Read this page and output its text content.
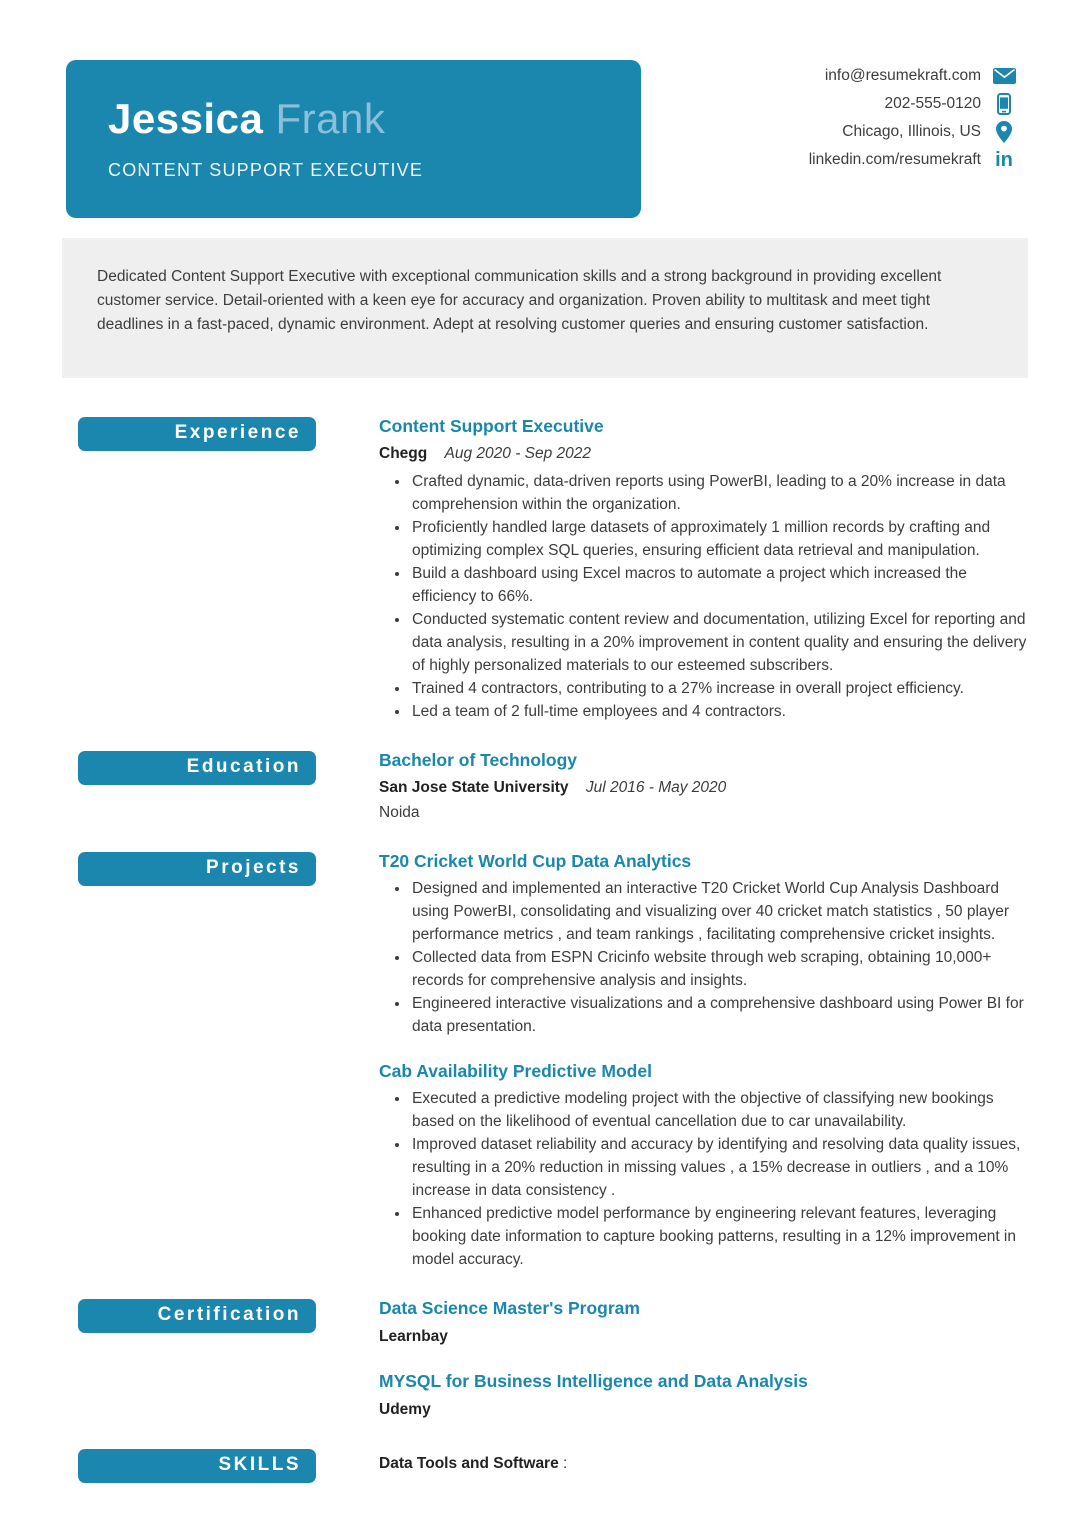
Jessica Frank
CONTENT SUPPORT EXECUTIVE
info@resumekraft.com
202-555-0120
Chicago, Illinois, US
linkedin.com/resumekraft in
Dedicated Content Support Executive with exceptional communication skills and a strong background in providing excellent customer service. Detail-oriented with a keen eye for accuracy and organization. Proven ability to multitask and meet tight deadlines in a fast-paced, dynamic environment. Adept at resolving customer queries and ensuring customer satisfaction.
Experience	Content Support Executive
Chegg Aug 2020 - Sep 2022
• Crafted dynamic, data-driven reports using PowerBI, leading to a 20% increase in data comprehension within the organization.
• Proficiently handled large datasets of approximately 1 million records by crafting and optimizing complex SQL queries, ensuring efficient data retrieval and manipulation.
• Build a dashboard using Excel macros to automate a project which increased the efficiency to 66%.
• Conducted systematic content review and documentation, utilizing Excel for reporting and data analysis, resulting in a 20% improvement in content quality and ensuring the delivery of highly personalized materials to our esteemed subscribers.
• Trained 4 contractors, contributing to a 27% increase in overall project efficiency.
• Led a team of 2 full-time employees and 4 contractors.
Education	Bachelor of Technology
San Jose State University Jul 2016 - May 2020
Noida
Projects	T20 Cricket World Cup Data Analytics
• Designed and implemented an interactive T20 Cricket World Cup Analysis Dashboard using PowerBI, consolidating and visualizing over 40 cricket match statistics , 50 player performance metrics , and team rankings , facilitating comprehensive cricket insights.
• Collected data from ESPN Cricinfo website through web scraping, obtaining 10,000+ records for comprehensive analysis and insights.
• Engineered interactive visualizations and a comprehensive dashboard using Power BI for data presentation.
Cab Availability Predictive Model
• Executed a predictive modeling project with the objective of classifying new bookings based on the likelihood of eventual cancellation due to car unavailability.
• Improved dataset reliability and accuracy by identifying and resolving data quality issues, resulting in a 20% reduction in missing values , a 15% decrease in outliers , and a 10% increase in data consistency .
• Enhanced predictive model performance by engineering relevant features, leveraging booking date information to capture booking patterns, resulting in a 12% improvement in model accuracy.
Certification	Data Science Master's Program
Learnbay
MYSQL for Business Intelligence and Data Analysis
Udemy
SKILLS	Data Tools and Software :
